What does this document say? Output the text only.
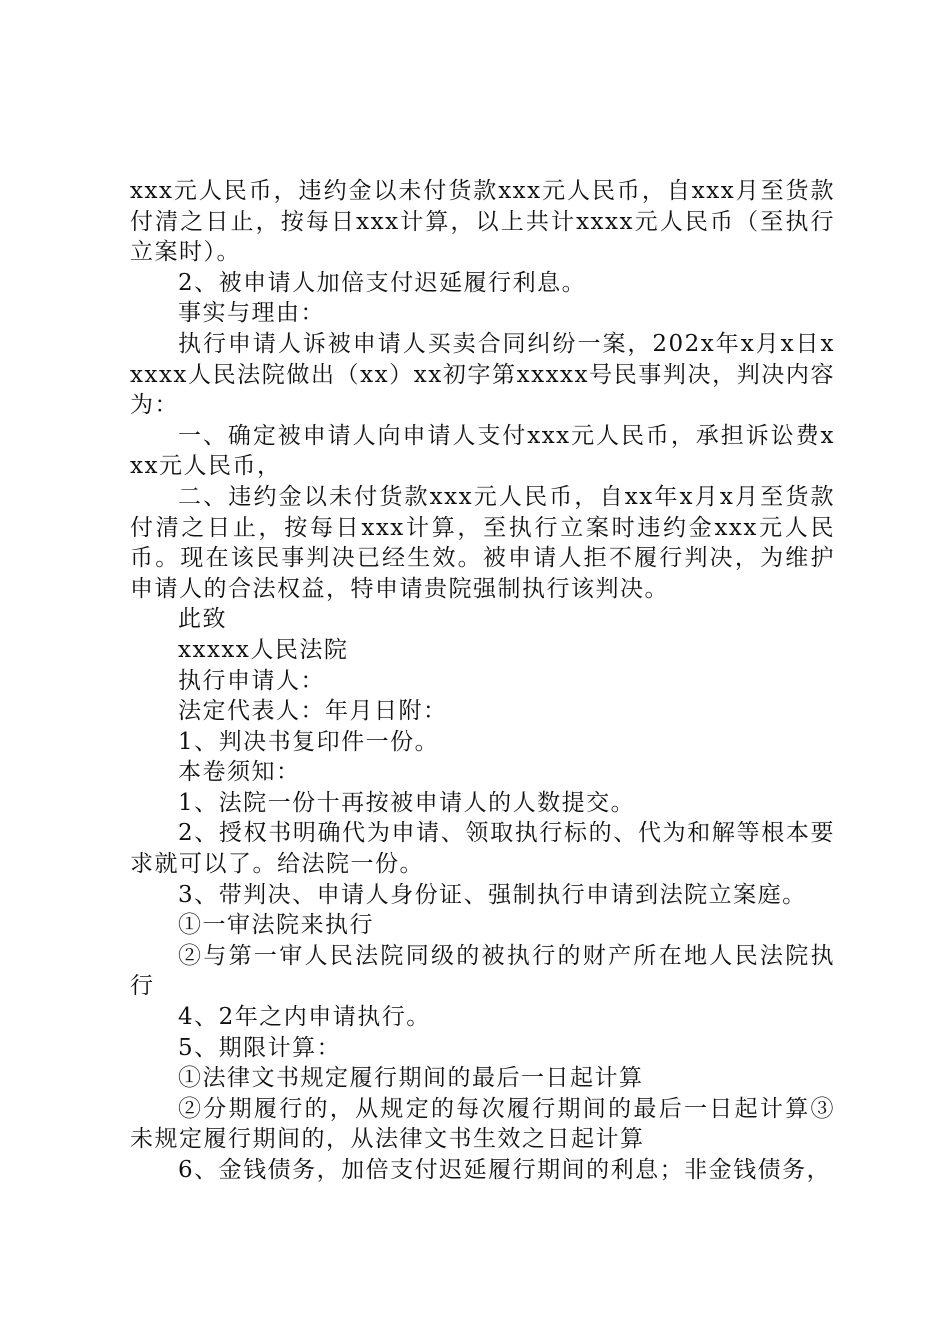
xxx元人民币，违约金以未付货款xxx元人民币，自xxx月至货款付清之日止，按每日xxx计算，以上共计xxxx元人民币（至执行立案时）。

2、被申请人加倍支付迟延履行利息。

事实与理由：

执行申请人诉被申请人买卖合同纠纷一案，202x年x月x日xxxxx人民法院做出（xx）xx初字第xxxxx号民事判决，判决内容为：

一、确定被申请人向申请人支付xxx元人民币，承担诉讼费xxx元人民币，

二、违约金以未付货款xxx元人民币，自xx年x月x月至货款付清之日止，按每日xxx计算，至执行立案时违约金xxx元人民币。现在该民事判决已经生效。被申请人拒不履行判决，为维护申请人的合法权益，特申请贵院强制执行该判决。

此致

xxxxx人民法院

执行申请人：

法定代表人：年月日附：

1、判决书复印件一份。

本卷须知：

1、法院一份十再按被申请人的人数提交。

2、授权书明确代为申请、领取执行标的、代为和解等根本要求就可以了。给法院一份。

3、带判决、申请人身份证、强制执行申请到法院立案庭。

①一审法院来执行

②与第一审人民法院同级的被执行的财产所在地人民法院执行

4、2年之内申请执行。

5、期限计算：

①法律文书规定履行期间的最后一日起计算

②分期履行的，从规定的每次履行期间的最后一日起计算③未规定履行期间的，从法律文书生效之日起计算

6、金钱债务，加倍支付迟延履行期间的利息；非金钱债务，
